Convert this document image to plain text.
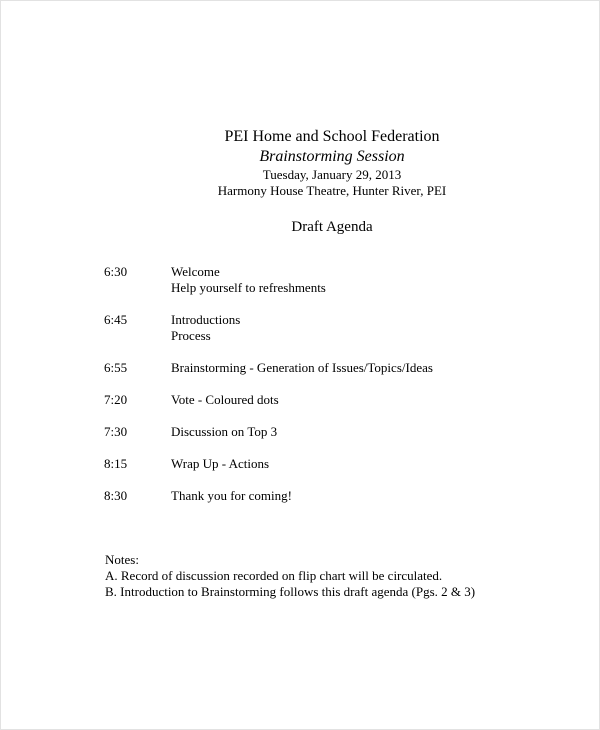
PEI Home and School Federation
Brainstorming Session
Tuesday, January 29, 2013
Harmony House Theatre, Hunter River, PEI
Draft Agenda
6:30	Welcome
Help yourself to refreshments
6:45	Introductions
Process
6:55	Brainstorming - Generation of Issues/Topics/Ideas
7:20	Vote - Coloured dots
7:30	Discussion on Top 3
8:15	Wrap Up - Actions
8:30	Thank you for coming!
Notes:
A. Record of discussion recorded on flip chart will be circulated.
B. Introduction to Brainstorming follows this draft agenda (Pgs. 2 & 3)
